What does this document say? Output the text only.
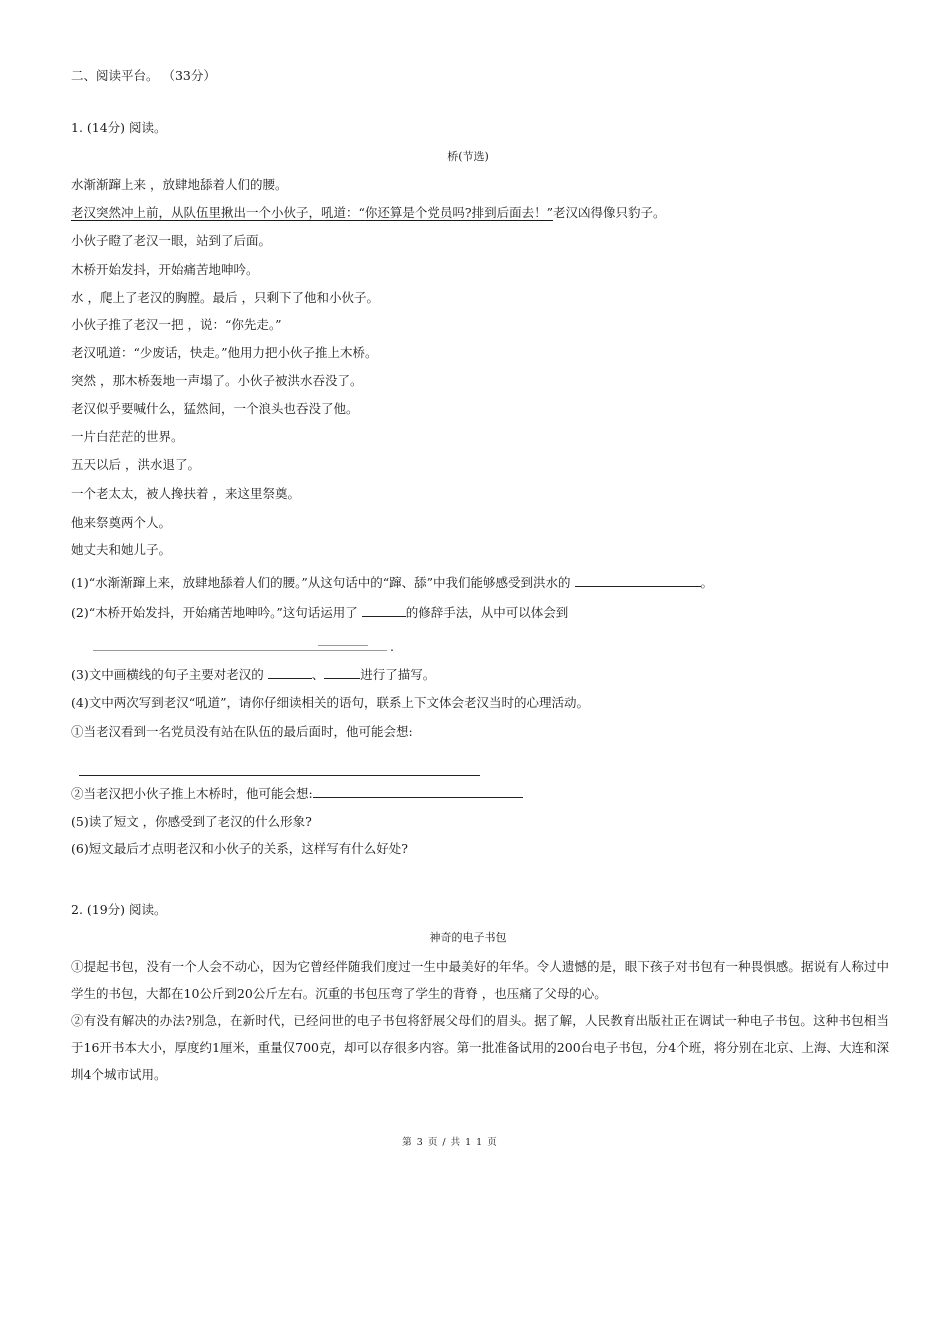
二、阅读平台。 （33分）
1. (14分) 阅读。
桥(节选)
水渐渐蹿上来 ，放肆地舔着人们的腰。
老汉突然冲上前，从队伍里揪出一个小伙子，吼道：“你还算是个党员吗?排到后面去！”老汉凶得像只豹子。
小伙子瞪了老汉一眼，站到了后面。
木桥开始发抖，开始痛苦地呻吟。
水 ，爬上了老汉的胸膛。最后 ，只剩下了他和小伙子。
小伙子推了老汉一把 ，说：“你先走。”
老汉吼道：“少废话，快走。”他用力把小伙子推上木桥。
突然 ，那木桥轰地一声塌了。小伙子被洪水吞没了。
老汉似乎要喊什么，猛然间，一个浪头也吞没了他。
一片白茫茫的世界。
五天以后 ，洪水退了。
一个老太太，被人搀扶着 ，来这里祭奠。
他来祭奠两个人。
她丈夫和她儿子。
(1)“水渐渐蹿上来，放肆地舔着人们的腰。”从这句话中的“蹿、舔”中我们能够感受到洪水的	。
(2)“木桥开始发抖，开始痛苦地呻吟。”这句话运用了	的修辞手法，从中可以体会到
.
(3)文中画横线的句子主要对老汉的	、	进行了描写。
(4)文中两次写到老汉“吼道”，请你仔细读相关的语句，联系上下文体会老汉当时的心理活动。
①当老汉看到一名党员没有站在队伍的最后面时，他可能会想:
②当老汉把小伙子推上木桥时，他可能会想:
(5)读了短文 ，你感受到了老汉的什么形象?
(6)短文最后才点明老汉和小伙子的关系，这样写有什么好处?
2. (19分) 阅读。
神奇的电子书包
①提起书包，没有一个人会不动心，因为它曾经伴随我们度过一生中最美好的年华。令人遗憾的是，眼下孩子对书包有一种畏惧感。据说有人称过中学生的书包，大都在10公斤到20公斤左右。沉重的书包压弯了学生的背脊 ，也压痛了父母的心。
②有没有解决的办法?别急，在新时代，已经问世的电子书包将舒展父母们的眉头。据了解，人民教育出版社正在调试一种电子书包。这种书包相当于16开书本大小，厚度约1厘米，重量仅700克，却可以存很多内容。第一批准备试用的200台电子书包，分4个班，将分别在北京、上海、大连和深圳4个城市试用。
第 3 页 / 共 1 1 页
